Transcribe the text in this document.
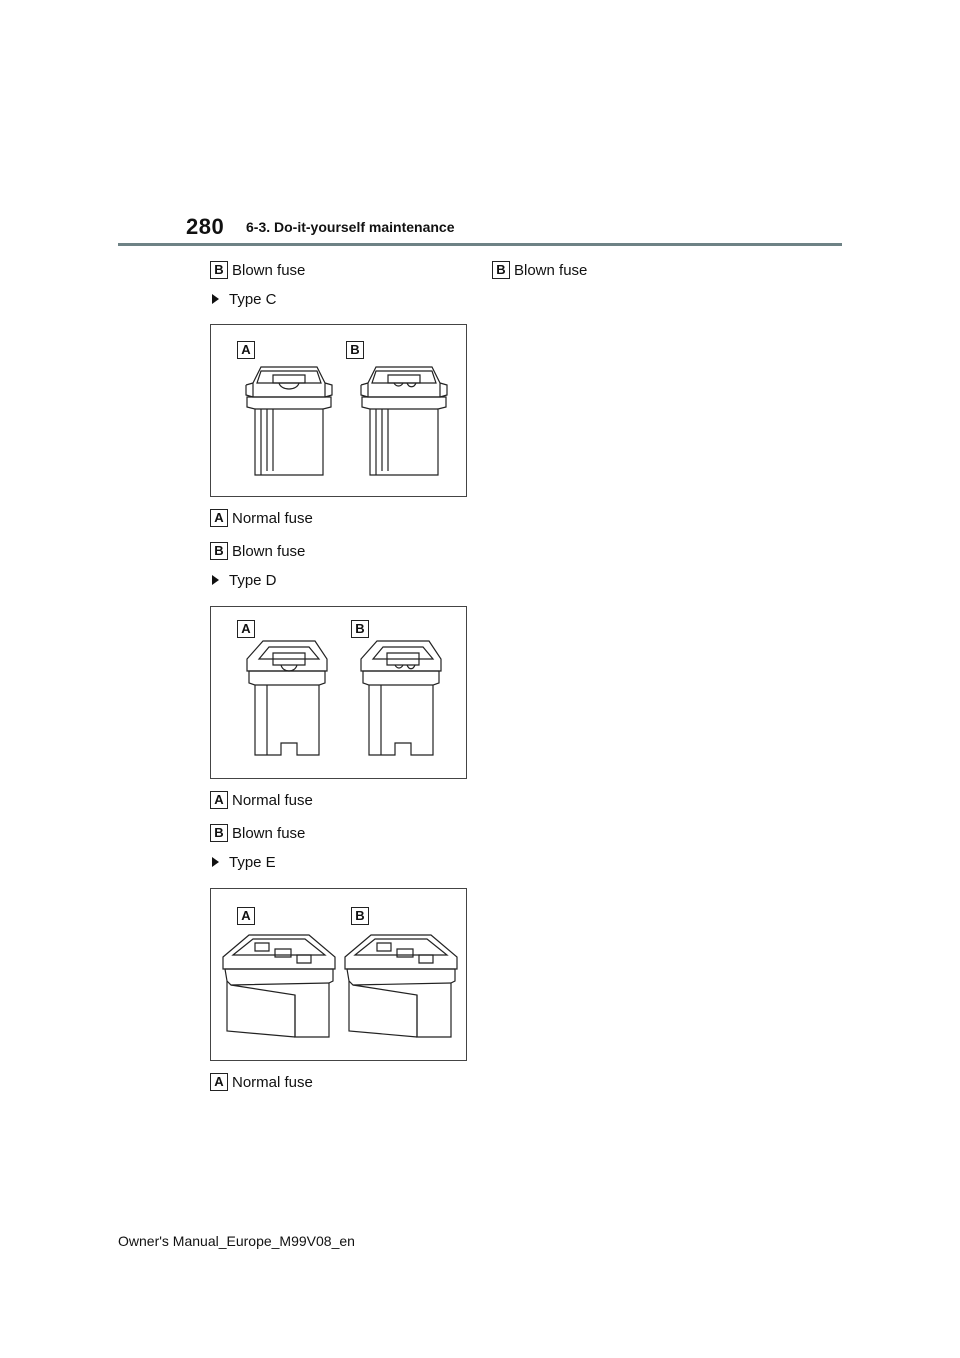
280 6-3. Do-it-yourself maintenance
B Blown fuse	B Blown fuse
Type C
A	B
A Normal fuse
B Blown fuse
Type D
A	B
A Normal fuse
B Blown fuse
Type E
A	B
A Normal fuse
Owner's Manual_Europe_M99V08_en
